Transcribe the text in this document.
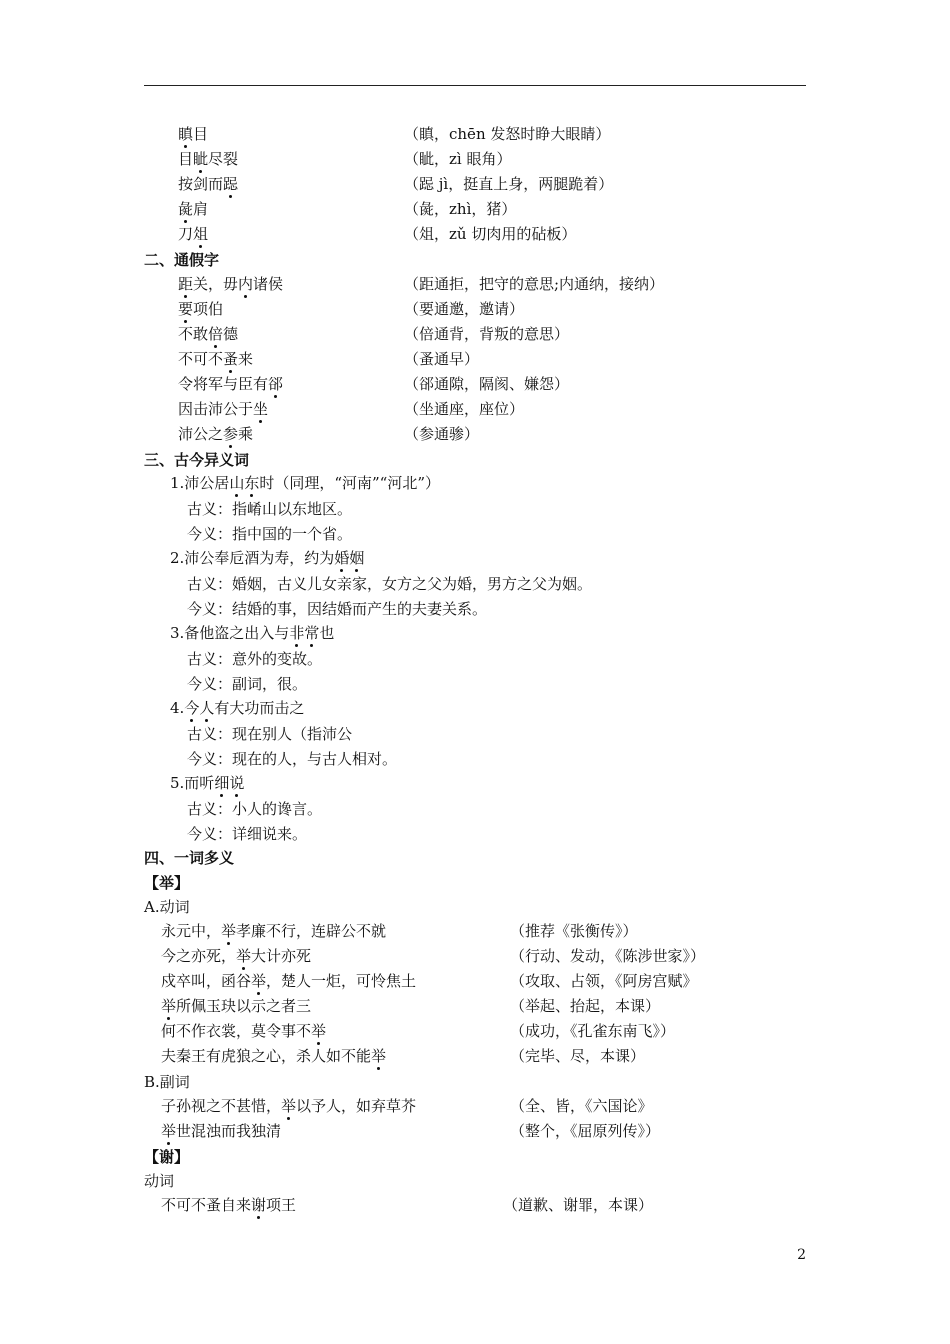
瞋目	（瞋，chēn 发怒时睁大眼睛）
目眦尽裂	（眦，zì 眼角）
按剑而跽	（跽 jì，挺直上身，两腿跪着）
彘肩	（彘，zhì，猪）
刀俎	（俎，zǔ 切肉用的砧板）
二、通假字
距关，毋内诸侯	（距通拒，把守的意思;内通纳，接纳）
要项伯	（要通邀，邀请）
不敢倍德	（倍通背，背叛的意思）
不可不蚤来	（蚤通早）
令将军与臣有郤	（郤通隙，隔阂、嫌怨）
因击沛公于坐	（坐通座，座位）
沛公之参乘	（参通骖）
三、古今异义词
1.沛公居山东时（同理，“河南”“河北”）
古义：指崤山以东地区。
今义：指中国的一个省。
2.沛公奉卮酒为寿，约为婚姻
古义：婚姻，古义儿女亲家，女方之父为婚，男方之父为姻。
今义：结婚的事，因结婚而产生的夫妻关系。
3.备他盗之出入与非常也
古义：意外的变故。
今义：副词，很。
4.今人有大功而击之
古义：现在别人（指沛公
今义：现在的人，与古人相对。
5.而听细说
古义：小人的谗言。
今义：详细说来。
四、一词多义
【举】
A.动词
永元中，举孝廉不行，连辟公不就	（推荐《张衡传》）
今之亦死，举大计亦死	（行动、发动，《陈涉世家》）
戍卒叫，函谷举，楚人一炬，可怜焦土	（攻取、占领，《阿房宫赋》
举所佩玉玦以示之者三	（举起、抬起，本课）
何不作衣裳，莫令事不举	（成功，《孔雀东南飞》）
夫秦王有虎狼之心，杀人如不能举	（完毕、尽，本课）
B.副词
子孙视之不甚惜，举以予人，如弃草芥	（全、皆，《六国论》
举世混浊而我独清	（整个，《屈原列传》）
【谢】
动词
不可不蚤自来谢项王	（道歉、谢罪，本课）
2
